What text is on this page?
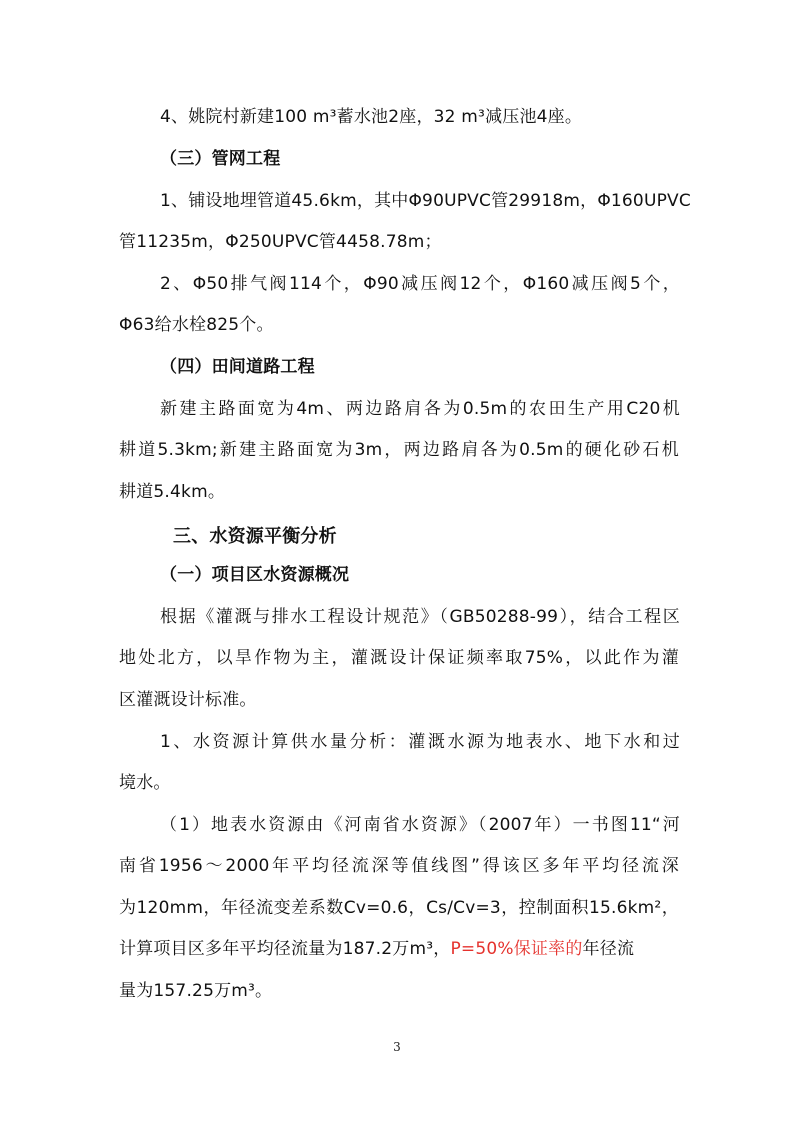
4、姚院村新建100 m³蓄水池2座，32 m³减压池4座。
（三）管网工程
1、铺设地埋管道45.6km，其中Φ90UPVC管29918m，Φ160UPVC
管11235m，Φ250UPVC管4458.78m；
2、Φ50排气阀114个，Φ90减压阀12个，Φ160减压阀5个，
Φ63给水栓825个。
（四）田间道路工程
新建主路面宽为4m、两边路肩各为0.5m的农田生产用C20机
耕道5.3km;新建主路面宽为3m，两边路肩各为0.5m的硬化砂石机
耕道5.4km。
三、水资源平衡分析
（一）项目区水资源概况
根据《灌溉与排水工程设计规范》（GB50288-99），结合工程区
地处北方，以旱作物为主，灌溉设计保证频率取75%，以此作为灌
区灌溉设计标准。
1、水资源计算供水量分析：灌溉水源为地表水、地下水和过
境水。
（1）地表水资源由《河南省水资源》（2007年）一书图11“河
南省1956～2000年平均径流深等值线图”得该区多年平均径流深
为120mm，年径流变差系数Cv=0.6，Cs/Cv=3，控制面积15.6km²，
计算项目区多年平均径流量为187.2万m³，P=50%保证率的年径流
量为157.25万m³。
3
